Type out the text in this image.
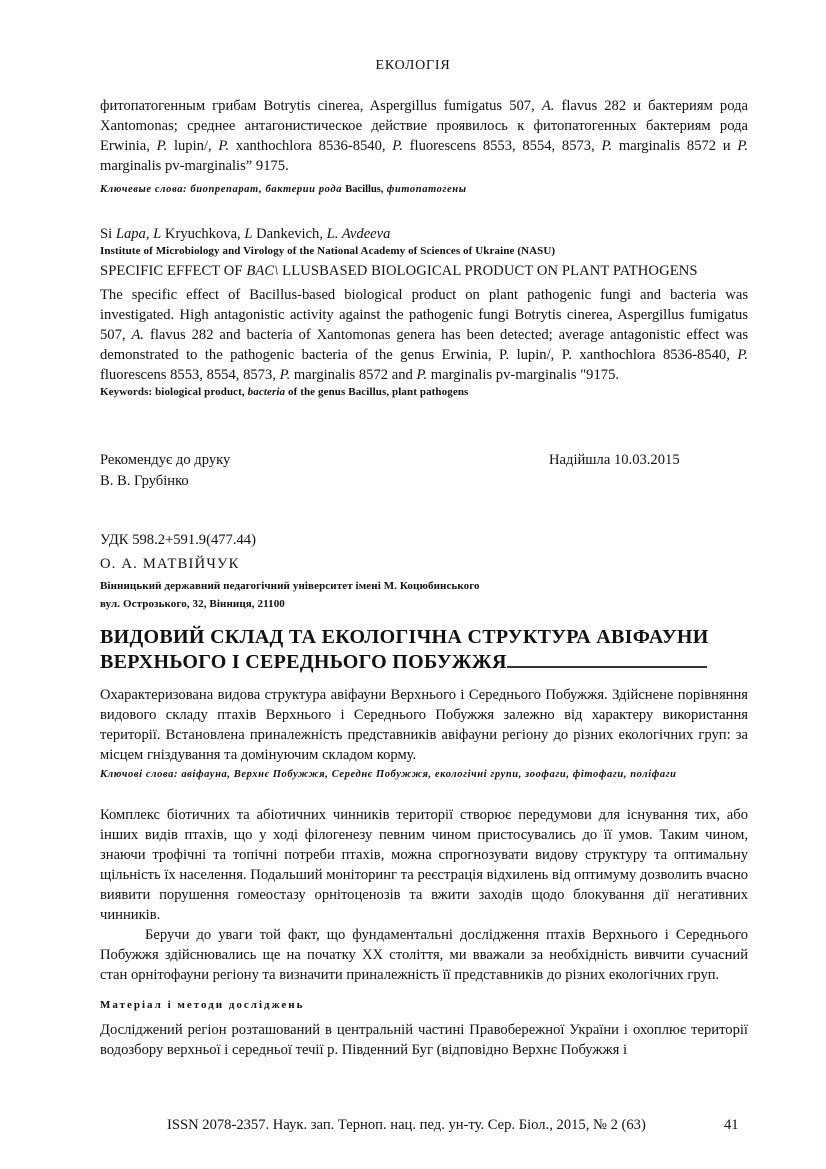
ЕКОЛОГІЯ

фитопатогенным грибам Botrytis cinerea, Aspergillus fumigatus 507, A. flavus 282 и бактериям рода Xantomonas; среднее антагонистическое действие проявилось к фитопатогенных бактериям рода Erwinia, P. lupin/, P. xanthochlora 8536-8540, P. fluorescens 8553, 8554, 8573, P. marginalis 8572 и P. marginalis pv-marginalis” 9175.

Ключевые слова: биопрепарат, бактерии рода Bacillus, фитопатогены

Si Lapa, L Kryuchkova, L Dankevich, L. Avdeeva

Institute of Microbiology and Virology of the National Academy of Sciences of Ukraine (NASU)

SPECIFIC EFFECT OF BAC\ LLUSBASED BIOLOGICAL PRODUCT ON PLANT PATHOGENS

The specific effect of Bacillus-based biological product on plant pathogenic fungi and bacteria was investigated. High antagonistic activity against the pathogenic fungi Botrytis cinerea, Aspergillus fumigatus 507, A. flavus 282 and bacteria of Xantomonas genera has been detected; average antagonistic effect was demonstrated to the pathogenic bacteria of the genus Erwinia, P. lupin/, P. xanthochlora 8536-8540, P. fluorescens 8553, 8554, 8573, P. marginalis 8572 and P. marginalis pv-marginalis "9175.

Keywords: biological product, bacteria of the genus Bacillus, plant pathogens

Рекомендує до друку	Надійшла 10.03.2015
В. В. Грубінко
УДК 598.2+591.9(477.44)
О. А. МАТВІЙЧУК
Вінницький державний педагогічний університет імені М. Коцюбинського
вул. Острозького, 32, Вінниця, 21100

ВИДОВИЙ СКЛАД ТА ЕКОЛОГІЧНА СТРУКТУРА АВІФАУНИ

ВЕРХНЬОГО І СЕРЕДНЬОГО ПОБУЖЖЯ

Охарактеризована видова структура авіфауни Верхнього і Середнього Побужжя. Здійснене порівняння видового складу птахів Верхнього і Середнього Побужжя залежно від характеру використання території. Встановлена приналежність представників авіфауни регіону до різних екологічних груп: за місцем гніздування та домінуючим складом корму.

Ключові слова: авіфауна, Верхнє Побужжя, Середнє Побужжя, екологічні групи, зоофаги, фітофаги, поліфаги

Комплекс біотичних та абіотичних чинників території створює передумови для існування тих, або інших видів птахів, що у ході філогенезу певним чином пристосувались до її умов. Таким чином, знаючи трофічні та топічні потреби птахів, можна спрогнозувати видову структуру та оптимальну щільність їх населення. Подальший моніторинг та реєстрація відхилень від оптимуму дозволить вчасно виявити порушення гомеостазу орнітоценозів та вжити заходів щодо блокування дії негативних чинників.

Беручи до уваги той факт, що фундаментальні дослідження птахів Верхнього і Середнього Побужжя здійснювались ще на початку XX століття, ми вважали за необхідність вивчити сучасний стан орнітофауни регіону та визначити приналежність її представників до різних екологічних груп.

Матеріал і методи досліджень

Досліджений регіон розташований в центральній частині Правобережної України і охоплює території водозбору верхньої і середньої течії р. Південний Буг (відповідно Верхнє Побужжя і

ISSN 2078-2357. Наук. зап. Терноп. нац. пед. ун-ту. Сер. Біол., 2015, № 2 (63)	41
